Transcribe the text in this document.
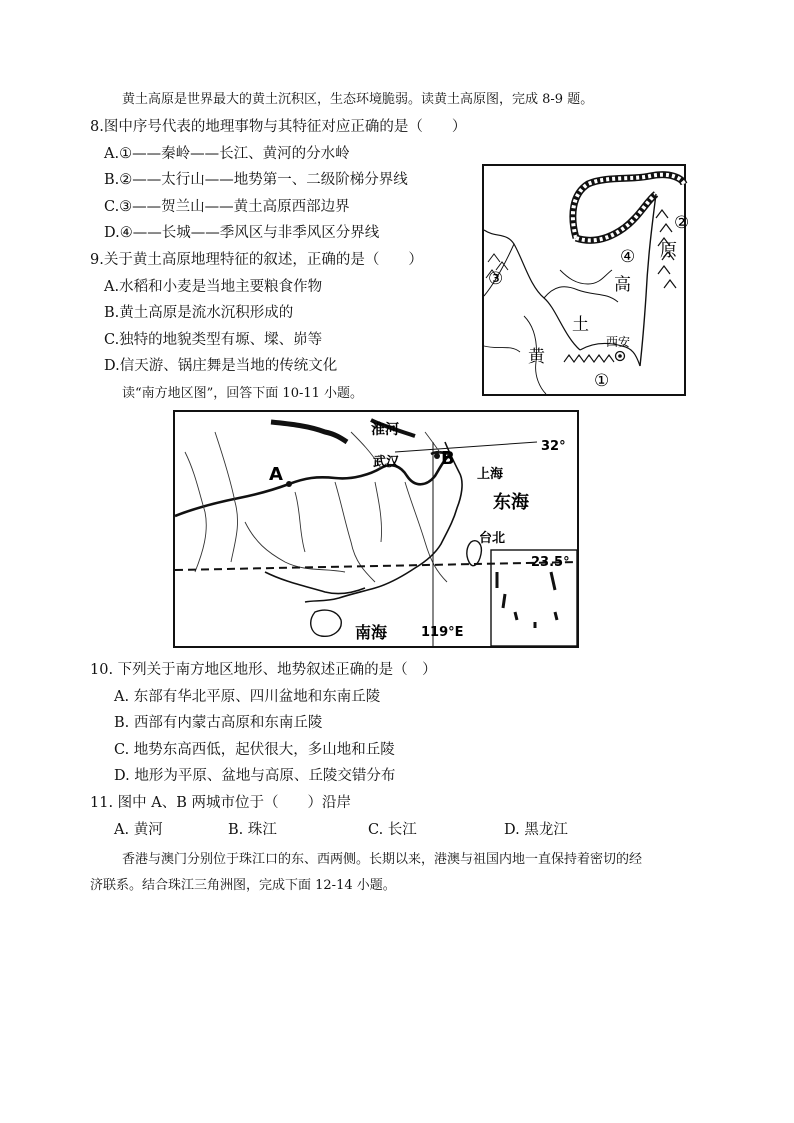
黄土高原是世界最大的黄土沉积区，生态环境脆弱。读黄土高原图，完成 8-9 题。
8.图中序号代表的地理事物与其特征对应正确的是（　　）
A.①——秦岭——长江、黄河的分水岭
B.②——太行山——地势第一、二级阶梯分界线
C.③——贺兰山——黄土高原西部边界
D.④——长城——季风区与非季风区分界线
9.关于黄土高原地理特征的叙述，正确的是（　　）
A.水稻和小麦是当地主要粮食作物
B.黄土高原是流水沉积形成的
C.独特的地貌类型有塬、墚、峁等
D.信天游、锅庄舞是当地的传统文化	黄
土
高
原
西安
①
②
③
④
读“南方地区图”，回答下面 10-11 小题。
淮河
32°
武汉
上海
东海
台北
23.5°
南海	119°E
A
B
10. 下列关于南方地区地形、地势叙述正确的是（　）
A. 东部有华北平原、四川盆地和东南丘陵
B. 西部有内蒙古高原和东南丘陵
C. 地势东高西低，起伏很大，多山地和丘陵
D. 地形为平原、盆地与高原、丘陵交错分布
11. 图中 A、B 两城市位于（　　）沿岸
A. 黄河	B. 珠江	C. 长江	D. 黑龙江
香港与澳门分别位于珠江口的东、西两侧。长期以来，港澳与祖国内地一直保持着密切的经
济联系。结合珠江三角洲图，完成下面 12-14 小题。
